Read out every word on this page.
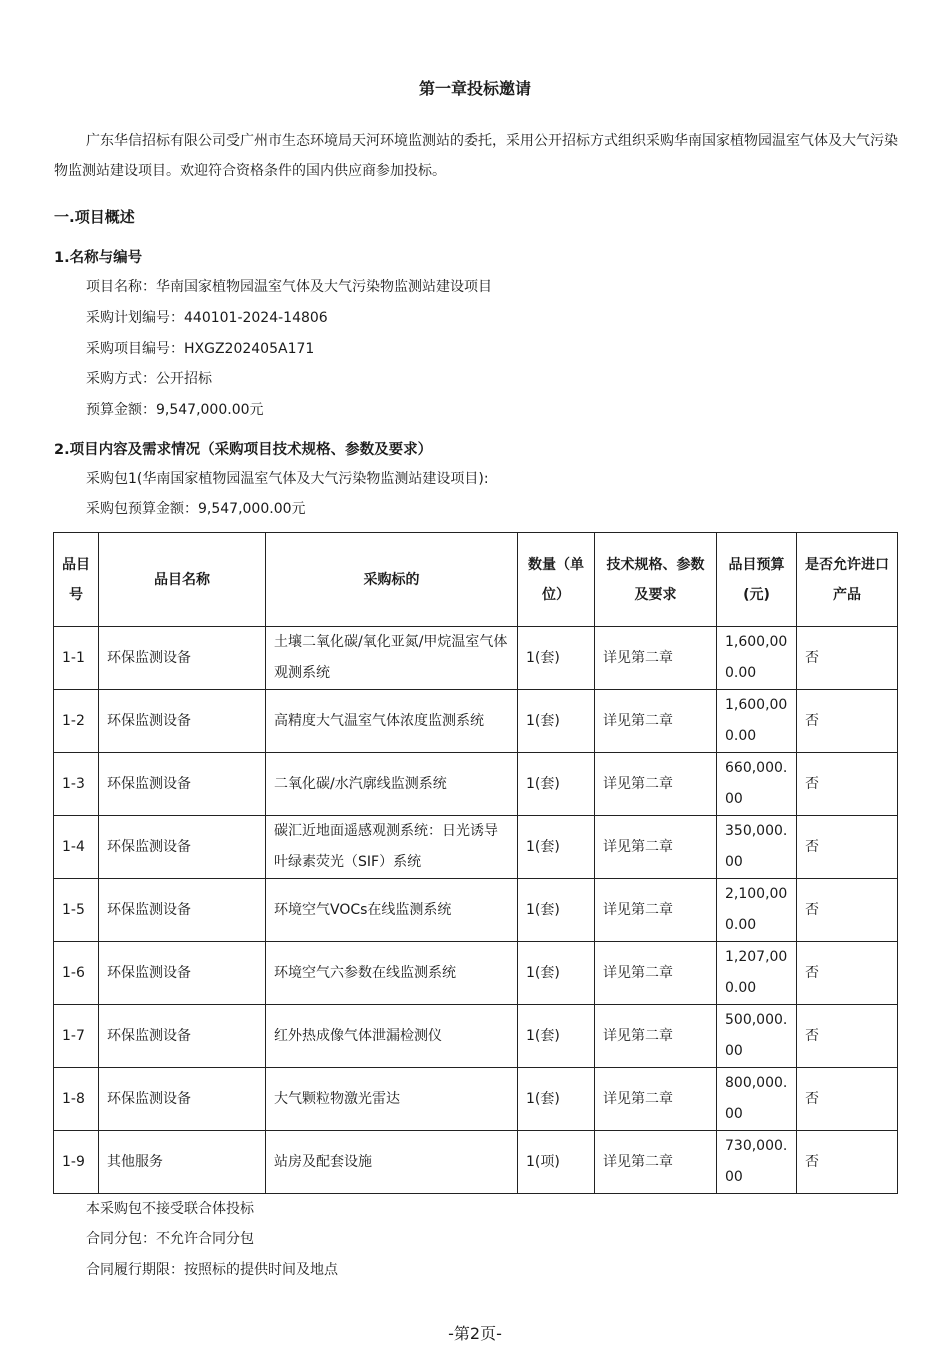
第一章投标邀请
广东华信招标有限公司受广州市生态环境局天河环境监测站的委托，采用公开招标方式组织采购华南国家植物园温室气体及大气污染物监测站建设项目。欢迎符合资格条件的国内供应商参加投标。
一.项目概述
1.名称与编号
项目名称：华南国家植物园温室气体及大气污染物监测站建设项目
采购计划编号：440101-2024-14806
采购项目编号：HXGZ202405A171
采购方式：公开招标
预算金额：9,547,000.00元
2.项目内容及需求情况（采购项目技术规格、参数及要求）
采购包1(华南国家植物园温室气体及大气污染物监测站建设项目):
采购包预算金额：9,547,000.00元
品目号	品目名称	采购标的	数量（单位）	技术规格、参数及要求	品目预算(元)	是否允许进口产品
1-1	环保监测设备	土壤二氧化碳/氧化亚氮/甲烷温室气体观测系统	1(套)	详见第二章	1,600,000.00	否
1-2	环保监测设备	高精度大气温室气体浓度监测系统	1(套)	详见第二章	1,600,000.00	否
1-3	环保监测设备	二氧化碳/水汽廓线监测系统	1(套)	详见第二章	660,000.00	否
1-4	环保监测设备	碳汇近地面遥感观测系统：日光诱导叶绿素荧光（SIF）系统	1(套)	详见第二章	350,000.00	否
1-5	环保监测设备	环境空气VOCs在线监测系统	1(套)	详见第二章	2,100,000.00	否
1-6	环保监测设备	环境空气六参数在线监测系统	1(套)	详见第二章	1,207,000.00	否
1-7	环保监测设备	红外热成像气体泄漏检测仪	1(套)	详见第二章	500,000.00	否
1-8	环保监测设备	大气颗粒物激光雷达	1(套)	详见第二章	800,000.00	否
1-9	其他服务	站房及配套设施	1(项)	详见第二章	730,000.00	否
本采购包不接受联合体投标
合同分包：不允许合同分包
合同履行期限：按照标的提供时间及地点
-第2页-
